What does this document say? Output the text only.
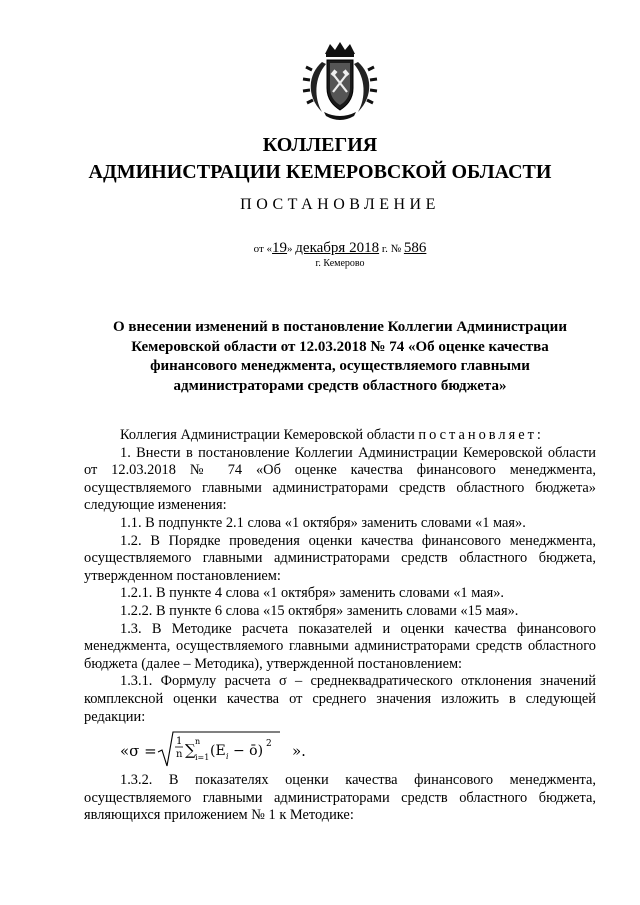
КОЛЛЕГИЯ
АДМИНИСТРАЦИИ КЕМЕРОВСКОЙ ОБЛАСТИ
ПОСТАНОВЛЕНИЕ
от «19» декабря 2018 г. № 586
г. Кемерово
О внесении изменений в постановление Коллегии Администрации Кемеровской области от 12.03.2018 № 74 «Об оценке качества финансового менеджмента, осуществляемого главными администраторами средств областного бюджета»

Коллегия Администрации Кемеровской области постановляет:

1. Внести в постановление Коллегии Администрации Кемеровской области от 12.03.2018 № 74 «Об оценке качества финансового менеджмента, осуществляемого главными администраторами средств областного бюджета» следующие изменения:

1.1. В подпункте 2.1 слова «1 октября» заменить словами «1 мая».

1.2. В Порядке проведения оценки качества финансового менеджмента, осуществляемого главными администраторами средств областного бюджета, утвержденном постановлением:

1.2.1. В пункте 4 слова «1 октября» заменить словами «1 мая».

1.2.2. В пункте 6 слова «15 октября» заменить словами «15 мая».

1.3. В Методике расчета показателей и оценки качества финансового менеджмента, осуществляемого главными администраторами средств областного бюджета (далее – Методика), утвержденной постановлением:

1.3.1. Формулу расчета σ – среднеквадратического отклонения значений комплексной оценки качества от среднего значения изложить в следующей редакции:

«σ =
1
n ∑ n
i=1 (E i − ō) 2 ».

1.3.2. В показателях оценки качества финансового менеджмента, осуществляемого главными администраторами средств областного бюджета, являющихся приложением № 1 к Методике:
